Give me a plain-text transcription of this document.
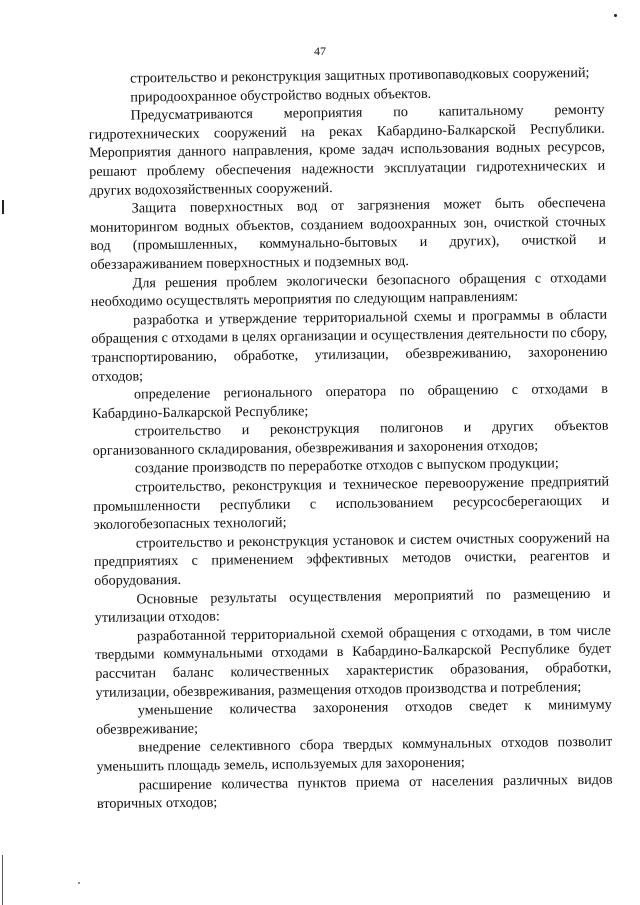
47

строительство и реконструкция защитных противопаводковых сооружений;

природоохранное обустройство водных объектов.

Предусматриваются мероприятия по капитальному ремонту гидротехнических сооружений на реках Кабардино-Балкарской Республики. Мероприятия данного направления, кроме задач использования водных ресурсов, решают проблему обеспечения надежности эксплуатации гидротехнических и других водохозяйственных сооружений.

Защита поверхностных вод от загрязнения может быть обеспечена мониторингом водных объектов, созданием водоохранных зон, очисткой сточных вод (промышленных, коммунально-бытовых и других), очисткой и обеззараживанием поверхностных и подземных вод.

Для решения проблем экологически безопасного обращения с отходами необходимо осуществлять мероприятия по следующим направлениям:

разработка и утверждение территориальной схемы и программы в области обращения с отходами в целях организации и осуществления деятельности по сбору, транспортированию, обработке, утилизации, обезвреживанию, захоронению отходов;

определение регионального оператора по обращению с отходами в Кабардино-Балкарской Республике;

строительство и реконструкция полигонов и других объектов организованного складирования, обезвреживания и захоронения отходов;

создание производств по переработке отходов с выпуском продукции;

строительство, реконструкция и техническое перевооружение предприятий промышленности республики с использованием ресурсосберегающих и экологобезопасных технологий;

строительство и реконструкция установок и систем очистных сооружений на предприятиях с применением эффективных методов очистки, реагентов и оборудования.

Основные результаты осуществления мероприятий по размещению и утилизации отходов:

разработанной территориальной схемой обращения с отходами, в том числе твердыми коммунальными отходами в Кабардино-Балкарской Республике будет рассчитан баланс количественных характеристик образования, обработки, утилизации, обезвреживания, размещения отходов производства и потребления;

уменьшение количества захоронения отходов сведет к минимуму обезвреживание;

внедрение селективного сбора твердых коммунальных отходов позволит уменьшить площадь земель, используемых для захоронения;

расширение количества пунктов приема от населения различных видов вторичных отходов;
